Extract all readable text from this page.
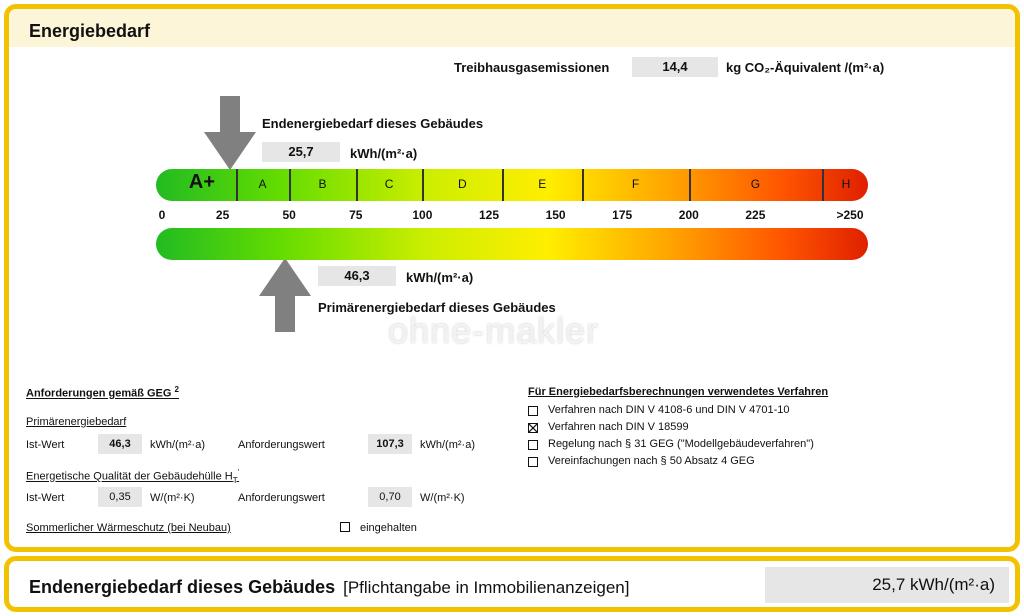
Energiebedarf
Treibhausgasemissionen	14,4	kg CO₂-Äquivalent /(m²·a)
Endenergiebedarf dieses Gebäudes
25,7	kWh/(m²·a)
A+	A	B	C	D	E	F	G	H
0	25	50	75	100	125	150	175	200	225	>250
46,3	kWh/(m²·a)
Primärenergiebedarf dieses Gebäudes
ohne-makler
Anforderungen gemäß GEG $^2$
Primärenergiebedarf
Ist-Wert	46,3	kWh/(m²·a)	Anforderungswert	107,3	kWh/(m²·a)
Energetische Qualität der Gebäudehülle $H_T'$
Ist-Wert	0,35	W/(m²·K)	Anforderungswert	0,70	W/(m²·K)
Sommerlicher Wärmeschutz (bei Neubau)	eingehalten
Für Energiebedarfsberechnungen verwendetes Verfahren
Verfahren nach DIN V 4108-6 und DIN V 4701-10
Verfahren nach DIN V 18599
Regelung nach § 31 GEG ("Modellgebäudeverfahren")
Vereinfachungen nach § 50 Absatz 4 GEG
Endenergiebedarf dieses Gebäudes [Pflichtangabe in Immobilienanzeigen]	25,7 kWh/(m²·a)
